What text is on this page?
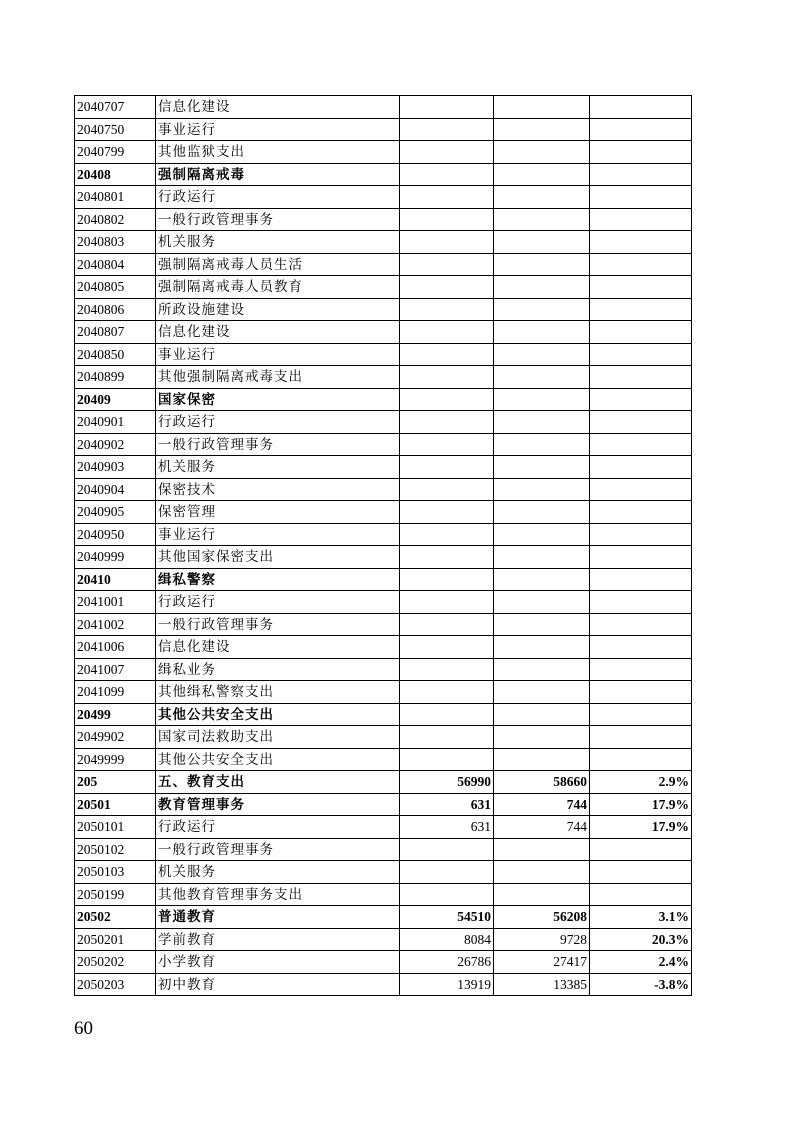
2040707	信息化建设			
2040750	事业运行			
2040799	其他监狱支出			
20408	强制隔离戒毒			
2040801	行政运行			
2040802	一般行政管理事务			
2040803	机关服务			
2040804	强制隔离戒毒人员生活			
2040805	强制隔离戒毒人员教育			
2040806	所政设施建设			
2040807	信息化建设			
2040850	事业运行			
2040899	其他强制隔离戒毒支出			
20409	国家保密			
2040901	行政运行			
2040902	一般行政管理事务			
2040903	机关服务			
2040904	保密技术			
2040905	保密管理			
2040950	事业运行			
2040999	其他国家保密支出			
20410	缉私警察			
2041001	行政运行			
2041002	一般行政管理事务			
2041006	信息化建设			
2041007	缉私业务			
2041099	其他缉私警察支出			
20499	其他公共安全支出			
2049902	国家司法救助支出			
2049999	其他公共安全支出			
205	五、教育支出	56990	58660	2.9%
20501	教育管理事务	631	744	17.9%
2050101	行政运行	631	744	17.9%
2050102	一般行政管理事务			
2050103	机关服务			
2050199	其他教育管理事务支出			
20502	普通教育	54510	56208	3.1%
2050201	学前教育	8084	9728	20.3%
2050202	小学教育	26786	27417	2.4%
2050203	初中教育	13919	13385	-3.8%
60
